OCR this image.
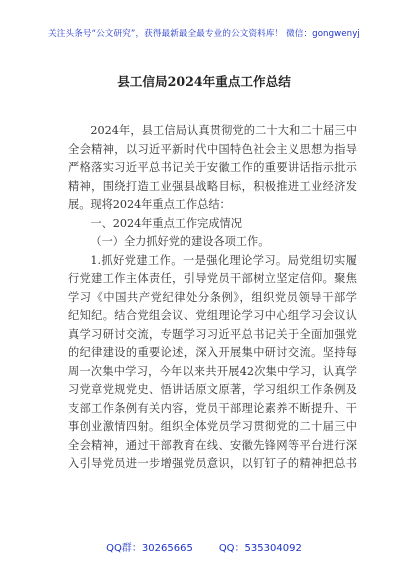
关注头条号“公文研究”，获得最新最全最专业的公文资料库！ 微信：gongwenyj
县工信局2024年重点工作总结
2024年，县工信局认真贯彻党的二十大和二十届三中
全会精神，以习近平新时代中国特色社会主义思想为指导
严格落实习近平总书记关于安徽工作的重要讲话指示批示
精神，围绕打造工业强县战略目标，积极推进工业经济发
展。现将2024年重点工作总结：
一、2024年重点工作完成情况
（一）全力抓好党的建设各项工作。
1.抓好党建工作。一是强化理论学习。局党组切实履
行党建工作主体责任，引导党员干部树立坚定信仰。聚焦
学习《中国共产党纪律处分条例》，组织党员领导干部学
纪知纪。结合党组会议、党组理论学习中心组学习会议认
真学习研讨交流，专题学习习近平总书记关于全面加强党
的纪律建设的重要论述，深入开展集中研讨交流。坚持每
周一次集中学习，今年以来共开展42次集中学习，认真学
习党章党规党史、悟讲话原文原著，学习组织工作条例及
支部工作条例有关内容，党员干部理论素养不断提升、干
事创业激情四射。组织全体党员学习贯彻党的二十届三中
全会精神，通过干部教育在线、安徽先锋网等平台进行深
入引导党员进一步增强党员意识，以钉钉子的精神把总书
QQ群：30265665	QQ：535304092
